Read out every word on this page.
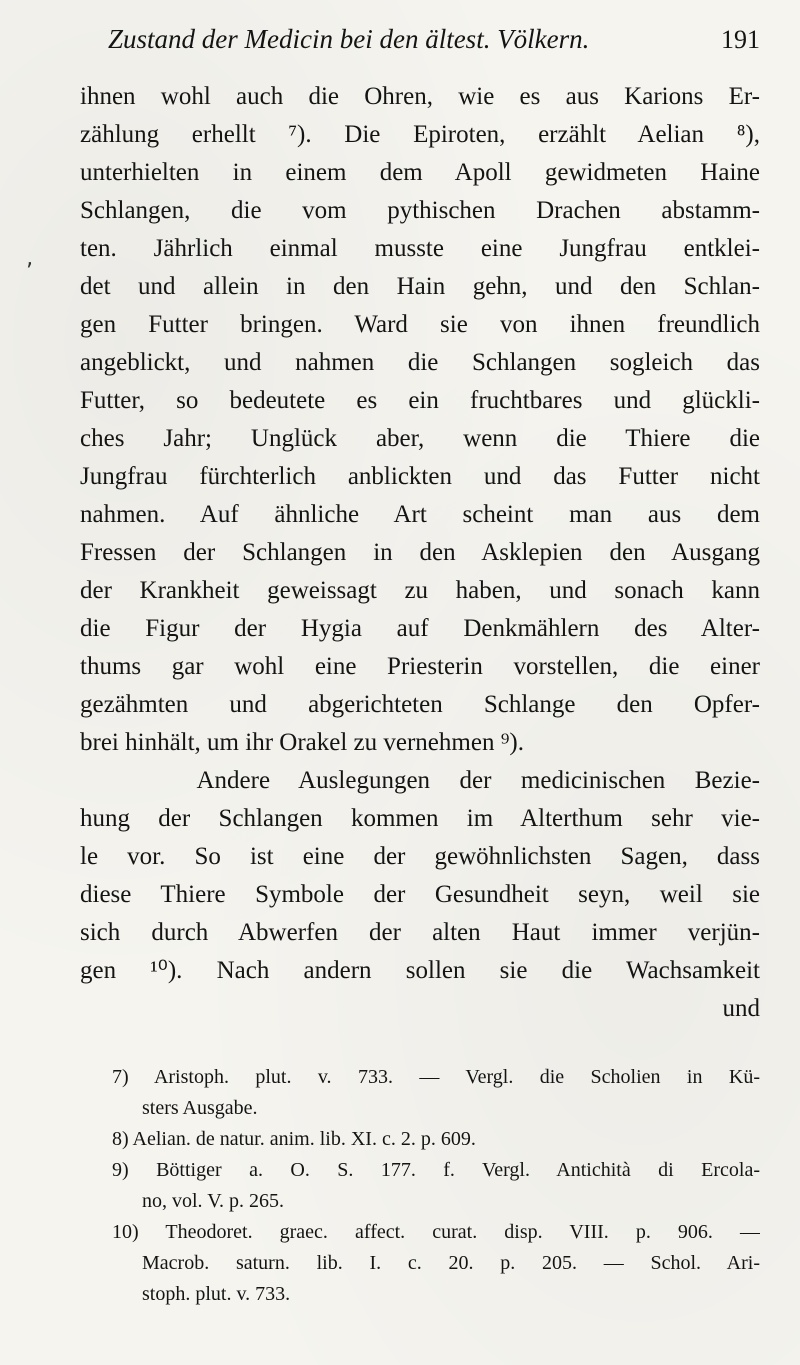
Zustand der Medicin bei den ältest. Völkern.	191
‚
ihnen wohl auch die Ohren, wie es aus Karions Er-
zählung erhellt ⁷). Die Epiroten, erzählt Aelian ⁸),
unterhielten in einem dem Apoll gewidmeten Haine
Schlangen, die vom pythischen Drachen abstamm-
ten. Jährlich einmal musste eine Jungfrau entklei-
det und allein in den Hain gehn, und den Schlan-
gen Futter bringen. Ward sie von ihnen freundlich
angeblickt, und nahmen die Schlangen sogleich das
Futter, so bedeutete es ein fruchtbares und glückli-
ches Jahr; Unglück aber, wenn die Thiere die
Jungfrau fürchterlich anblickten und das Futter nicht
nahmen. Auf ähnliche Art scheint man aus dem
Fressen der Schlangen in den Asklepien den Ausgang
der Krankheit geweissagt zu haben, und sonach kann
die Figur der Hygia auf Denkmählern des Alter-
thums gar wohl eine Priesterin vorstellen, die einer
gezähmten und abgerichteten Schlange den Opfer-
brei hinhält, um ihr Orakel zu vernehmen ⁹).
Andere Auslegungen der medicinischen Bezie-
hung der Schlangen kommen im Alterthum sehr vie-
le vor. So ist eine der gewöhnlichsten Sagen, dass
diese Thiere Symbole der Gesundheit seyn, weil sie
sich durch Abwerfen der alten Haut immer verjün-
gen ¹⁰). Nach andern sollen sie die Wachsamkeit
und
7) Aristoph. plut. v. 733. — Vergl. die Scholien in Kü-
sters Ausgabe.
8) Aelian. de natur. anim. lib. XI. c. 2. p. 609.
9) Böttiger a. O. S. 177. f. Vergl. Antichità di Ercola-
no, vol. V. p. 265.
10) Theodoret. graec. affect. curat. disp. VIII. p. 906. —
Macrob. saturn. lib. I. c. 20. p. 205. — Schol. Ari-
stoph. plut. v. 733.
